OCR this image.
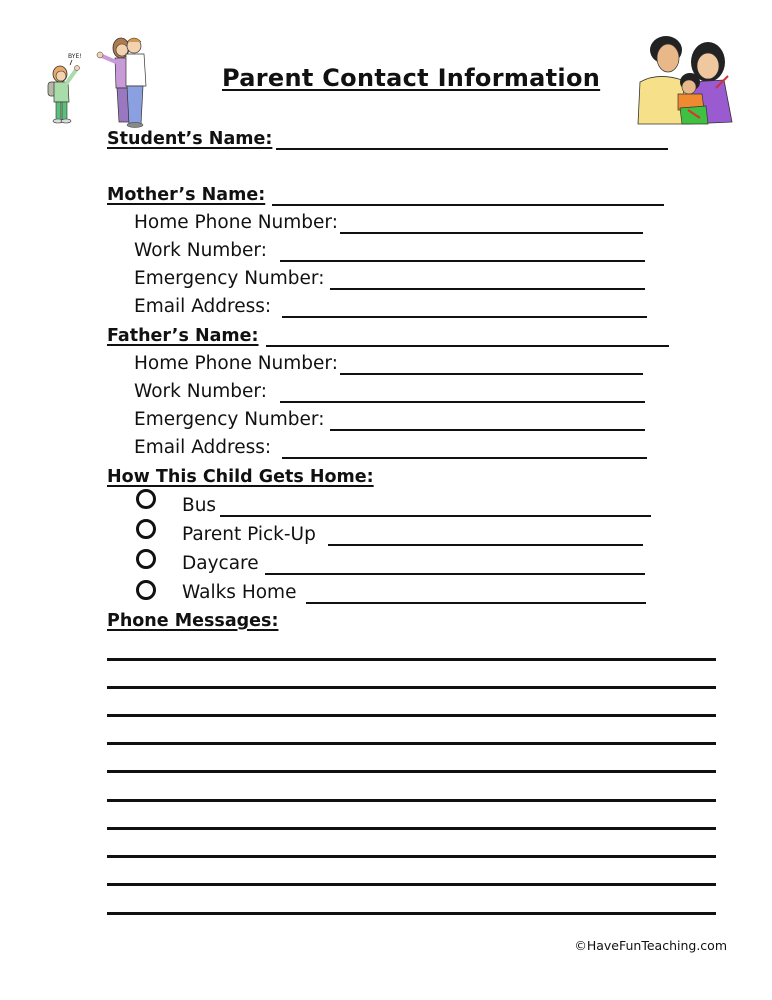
BYE!
Parent Contact Information
Student’s Name:
Mother’s Name:
Home Phone Number:
Work Number:
Emergency Number:
Email Address:
Father’s Name:
Home Phone Number:
Work Number:
Emergency Number:
Email Address:
How This Child Gets Home:
Bus
Parent Pick-Up
Daycare
Walks Home
Phone Messages:
©HaveFunTeaching.com
